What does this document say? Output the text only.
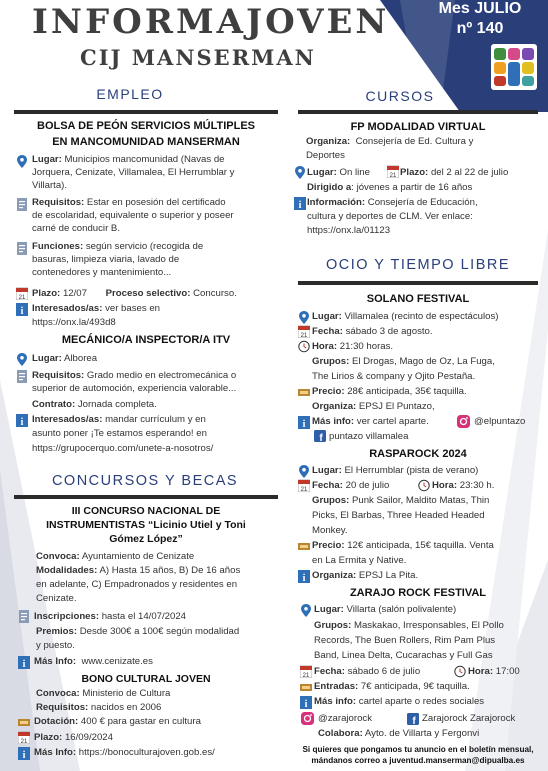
INFORMAJOVEN
CIJ MANSERMAN
Mes JULIO
nº 140
EMPLEO	CURSOS
BOLSA DE PEÓN SERVICIOS MÚLTIPLES
EN MANCOMUNIDAD MANSERMAN
Lugar: Municipios mancomunidad (Navas de
Jorquera, Cenizate, Villamalea, El Herrumblar y
Villarta).
Requisitos: Estar en posesión del certificado
de escolaridad, equivalente o superior y poseer
carné de conducir B.
Funciones: según servicio (recogida de
basuras, limpieza viaria, lavado de
contenedores y mantenimiento...
21 Plazo: 12/07 Proceso selectivo: Concurso.
i Interesados/as: ver bases en
https://onx.la/493d8
MECÁNICO/A INSPECTOR/A ITV
Lugar: Alborea
Requisitos: Grado medio en electromecánica o
superior de automoción, experiencia valorable...
Contrato: Jornada completa.
i Interesados/as: mandar currículum y en
asunto poner ¡Te estamos esperando! en
https://grupocerquo.com/unete-a-nosotros/
CONCURSOS Y BECAS
III CONCURSO NACIONAL DE
INSTRUMENTISTAS “Licinio Utiel y Toni
Gómez López”
Convoca: Ayuntamiento de Cenizate
Modalidades: A) Hasta 15 años, B) De 16 años
en adelante, C) Empadronados y residentes en
Cenizate.
Inscripciones: hasta el 14/07/2024
Premios: Desde 300€ a 100€ según modalidad
y puesto.
i Más Info: www.cenizate.es
BONO CULTURAL JOVEN
Convoca: Ministerio de Cultura
Requisitos: nacidos en 2006
Dotación: 400 € para gastar en cultura
21 Plazo: 16/09/2024
i Más Info: https://bonoculturajoven.gob.es/
FP MODALIDAD VIRTUAL
Organiza: Consejería de Ed. Cultura y
Deportes
Lugar: On line	21 Plazo: del 2 al 22 de julio
Dirigido a: jóvenes a partir de 16 años
i Información: Consejería de Educación,
cultura y deportes de CLM. Ver enlace:
https://onx.la/01123
OCIO Y TIEMPO LIBRE
SOLANO FESTIVAL
Lugar: Villamalea (recinto de espectáculos)
21 Fecha: sábado 3 de agosto.
Hora: 21:30 horas.
Grupos: El Drogas, Mago de Oz, La Fuga,
The Lirios & company y Ojito Pestaña.
Precio: 28€ anticipada, 35€ taquilla.
Organiza: EPSJ El Puntazo,
i Más info: ver cartel aparte.	@elpuntazo
f puntazo villamalea
RASPAROCK 2024
Lugar: El Herrumblar (pista de verano)
21 Fecha: 20 de julio	Hora: 23:30 h.
Grupos: Punk Sailor, Maldito Matas, Thin
Picks, El Barbas, Three Headed Headed
Monkey.
Precio: 12€ anticipada, 15€ taquilla. Venta
en La Ermita y Native.
i Organiza: EPSJ La Pita.
ZARAJO ROCK FESTIVAL
Lugar: Villarta (salón polivalente)
Grupos: Maskakao, Irresponsables, El Pollo
Records, The Buen Rollers, Rim Pam Plus
Band, Linea Delta, Cucarachas y Full Gas
21 Fecha: sábado 6 de julio	Hora: 17:00
Entradas: 7€ anticipada, 9€ taquilla.
i Más info: cartel aparte o redes sociales
@zarajorock	f Zarajorock Zarajorock
Colabora: Ayto. de Villarta y Fergonvi
Si quieres que pongamos tu anuncio en el boletín mensual,
mándanos correo a juventud.manserman@dipualba.es
